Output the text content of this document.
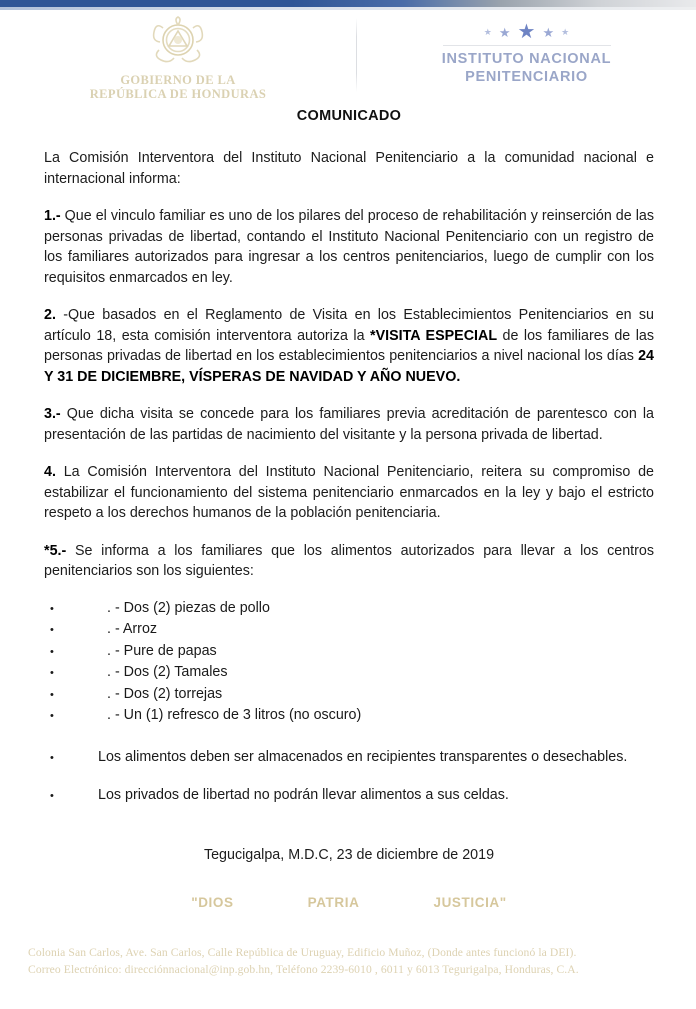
GOBIERNO DE LA
REPÚBLICA DE HONDURAS
★ ★ ★ ★ ★
INSTITUTO NACIONAL
PENITENCIARIO
COMUNICADO

La Comisión Interventora del Instituto Nacional Penitenciario a la comunidad nacional e internacional informa:

1.- Que el vinculo familiar es uno de los pilares del proceso de rehabilitación y reinserción de las personas privadas de libertad, contando el Instituto Nacional Penitenciario con un registro de los familiares autorizados para ingresar a los centros penitenciarios, luego de cumplir con los requisitos enmarcados en ley.

2. -Que basados en el Reglamento de Visita en los Establecimientos Penitenciarios en su artículo 18, esta comisión interventora autoriza la *VISITA ESPECIAL de los familiares de las personas privadas de libertad en los establecimientos penitenciarios a nivel nacional los días 24 Y 31 DE DICIEMBRE, VÍSPERAS DE NAVIDAD Y AÑO NUEVO.

3.- Que dicha visita se concede para los familiares previa acreditación de parentesco con la presentación de las partidas de nacimiento del visitante y la persona privada de libertad.

4. La Comisión Interventora del Instituto Nacional Penitenciario, reitera su compromiso de estabilizar el funcionamiento del sistema penitenciario enmarcados en la ley y bajo el estricto respeto a los derechos humanos de la población penitenciaria.

*5.- Se informa a los familiares que los alimentos autorizados para llevar a los centros penitenciarios son los siguientes:

•	. - Dos (2) piezas de pollo
•	. - Arroz
•	. - Pure de papas
•	. - Dos (2) Tamales
•	. - Dos (2) torrejas
•	. - Un (1) refresco de 3 litros (no oscuro)
•	Los alimentos deben ser almacenados en recipientes transparentes o desechables.
•	Los privados de libertad no podrán llevar alimentos a sus celdas.
Tegucigalpa, M.D.C, 23 de diciembre de 2019
"DIOS	PATRIA	JUSTICIA"
Colonia San Carlos, Ave. San Carlos, Calle República de Uruguay, Edificio Muñoz, (Donde antes funcionó la DEI).
Correo Electrónico: direcciónnacional@inp.gob.hn, Teléfono 2239-6010 , 6011 y 6013 Tegurigalpa, Honduras, C.A.
